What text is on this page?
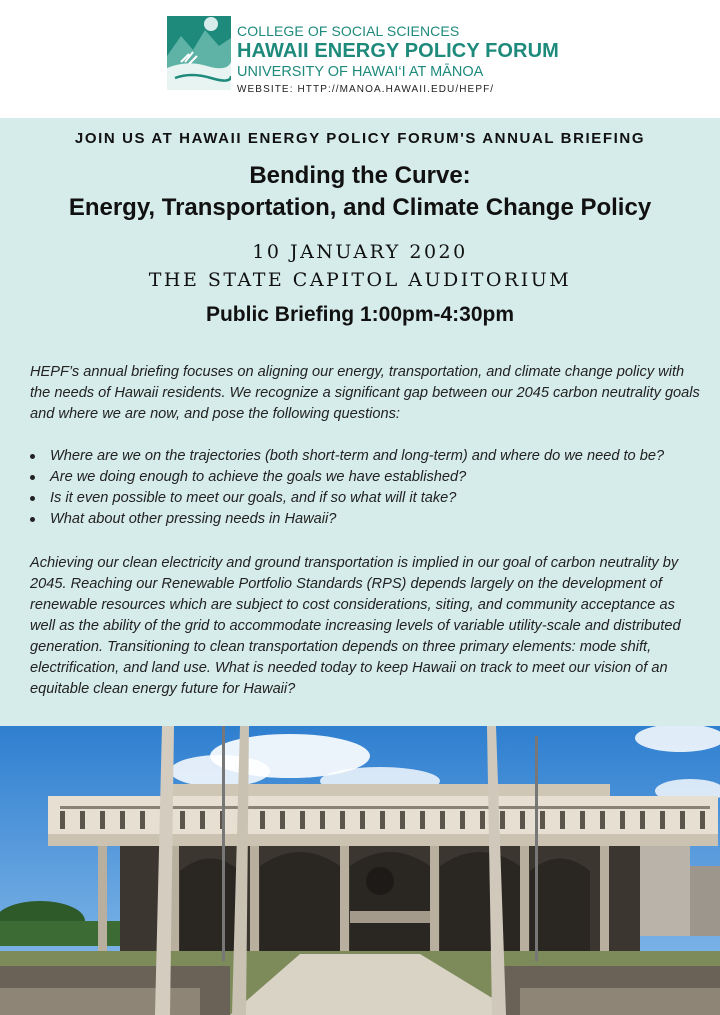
COLLEGE OF SOCIAL SCIENCES
HAWAII ENERGY POLICY FORUM
UNIVERSITY OF HAWAI‘I AT MĀNOA
WEBSITE: HTTP://MANOA.HAWAII.EDU/HEPF/
JOIN US AT HAWAII ENERGY POLICY FORUM'S ANNUAL BRIEFING
Bending the Curve:
Energy, Transportation, and Climate Change Policy
10 JANUARY 2020
THE STATE CAPITOL AUDITORIUM
Public Briefing 1:00pm-4:30pm
HEPF’s annual briefing focuses on aligning our energy, transportation, and climate change policy with the needs of Hawaii residents. We recognize a significant gap between our 2045 carbon neutrality goals and where we are now, and pose the following questions:
Where are we on the trajectories (both short-term and long-term) and where do we need to be?
Are we doing enough to achieve the goals we have established?
Is it even possible to meet our goals, and if so what will it take?
What about other pressing needs in Hawaii?
Achieving our clean electricity and ground transportation is implied in our goal of carbon neutrality by 2045. Reaching our Renewable Portfolio Standards (RPS) depends largely on the development of renewable resources which are subject to cost considerations, siting, and community acceptance as well as the ability of the grid to accommodate increasing levels of variable utility-scale and distributed generation. Transitioning to clean transportation depends on three primary elements: mode shift, electrification, and land use. What is needed today to keep Hawaii on track to meet our vision of an equitable clean energy future for Hawaii?
